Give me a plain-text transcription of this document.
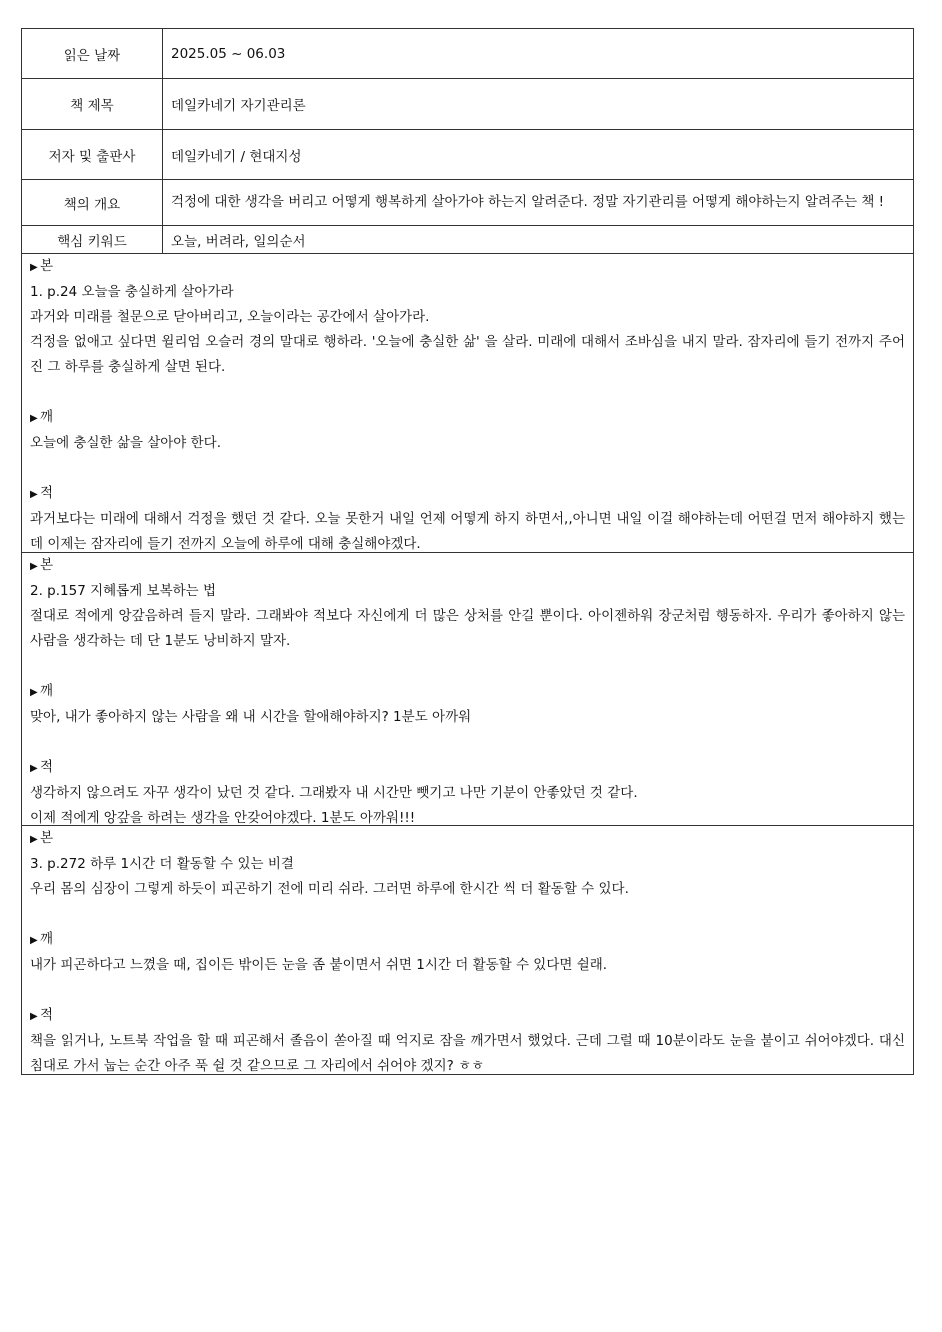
읽은 날짜	2025.05 ~ 06.03
책 제목	데일카네기 자기관리론
저자 및 출판사	데일카네기 / 현대지성
책의 개요	걱정에 대한 생각을 버리고 어떻게 행복하게 살아가야 하는지 알려준다. 정말 자기관리를 어떻게 해야하는지 알려주는 책 !
핵심 키워드	오늘, 버려라, 일의순서

▶ 본

1. p.24 오늘을 충실하게 살아가라

과거와 미래를 철문으로 닫아버리고, 오늘이라는 공간에서 살아가라.

걱정을 없애고 싶다면 윌리엄 오슬러 경의 말대로 행하라. '오늘에 충실한 삶' 을 살라. 미래에 대해서 조바심을 내지 말라. 잠자리에 들기 전까지 주어진 그 하루를 충실하게 살면 된다.

▶ 깨

오늘에 충실한 삶을 살아야 한다.

▶ 적

과거보다는 미래에 대해서 걱정을 했던 것 같다. 오늘 못한거 내일 언제 어떻게 하지 하면서,,아니면 내일 이걸 해야하는데 어떤걸 먼저 해야하지 했는데 이제는 잠자리에 들기 전까지 오늘에 하루에 대해 충실해야겠다.

▶ 본

2. p.157 지혜롭게 보복하는 법

절대로 적에게 앙갚음하려 들지 말라. 그래봐야 적보다 자신에게 더 많은 상처를 안길 뿐이다. 아이젠하워 장군처럼 행동하자. 우리가 좋아하지 않는 사람을 생각하는 데 단 1분도 낭비하지 말자.

▶ 깨

맞아, 내가 좋아하지 않는 사람을 왜 내 시간을 할애해야하지? 1분도 아까워

▶ 적

생각하지 않으려도 자꾸 생각이 났던 것 같다. 그래봤자 내 시간만 뺏기고 나만 기분이 안좋았던 것 같다.

이제 적에게 앙갚을 하려는 생각을 안갖어야겠다. 1분도 아까워!!!

▶ 본

3. p.272 하루 1시간 더 활동할 수 있는 비결

우리 몸의 심장이 그렇게 하듯이 피곤하기 전에 미리 쉬라. 그러면 하루에 한시간 씩 더 활동할 수 있다.

▶ 깨

내가 피곤하다고 느꼈을 때, 집이든 밖이든 눈을 좀 붙이면서 쉬면 1시간 더 활동할 수 있다면 쉴래.

▶ 적

책을 읽거나, 노트북 작업을 할 때 피곤해서 졸음이 쏟아질 때 억지로 잠을 깨가면서 했었다. 근데 그럴 때 10분이라도 눈을 붙이고 쉬어야겠다. 대신 침대로 가서 눕는 순간 아주 푹 쉴 것 같으므로 그 자리에서 쉬어야 겠지? ㅎㅎ
